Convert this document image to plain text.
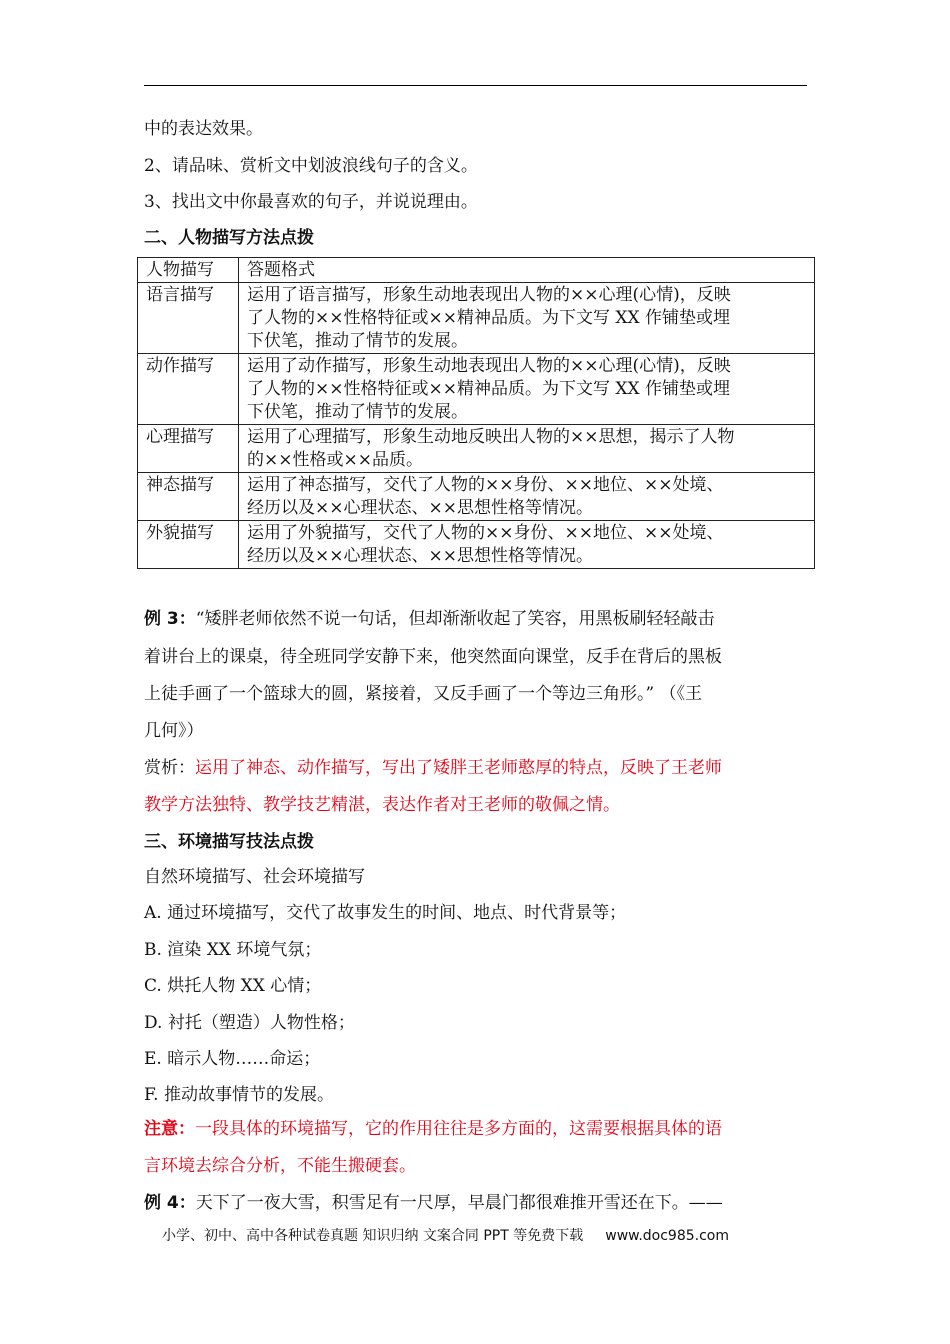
中的表达效果。
2、请品味、赏析文中划波浪线句子的含义。
3、找出文中你最喜欢的句子，并说说理由。
二、人物描写方法点拨
人物描写	答题格式
语言描写	运用了语言描写，形象生动地表现出人物的××心理(心情)，反映
了人物的××性格特征或××精神品质。为下文写 XX 作铺垫或埋
下伏笔，推动了情节的发展。

动作描写	运用了动作描写，形象生动地表现出人物的××心理(心情)，反映
了人物的××性格特征或××精神品质。为下文写 XX 作铺垫或埋
下伏笔，推动了情节的发展。

心理描写	运用了心理描写，形象生动地反映出人物的××思想，揭示了人物
的××性格或××品质。

神态描写	运用了神态描写，交代了人物的××身份、××地位、××处境、
经历以及××心理状态、××思想性格等情况。

外貌描写	运用了外貌描写，交代了人物的××身份、××地位、××处境、
经历以及××心理状态、××思想性格等情况。
例 3：“矮胖老师依然不说一句话，但却渐渐收起了笑容，用黑板刷轻轻敲击
着讲台上的课桌，待全班同学安静下来，他突然面向课堂，反手在背后的黑板
上徒手画了一个篮球大的圆，紧接着，又反手画了一个等边三角形。” （《王
几何》）
赏析：运用了神态、动作描写，写出了矮胖王老师憨厚的特点，反映了王老师
教学方法独特、教学技艺精湛，表达作者对王老师的敬佩之情。
三、环境描写技法点拨
自然环境描写、社会环境描写
A. 通过环境描写，交代了故事发生的时间、地点、时代背景等；
B. 渲染 XX 环境气氛；
C. 烘托人物 XX 心情；
D. 衬托（塑造）人物性格；
E. 暗示人物……命运；
F. 推动故事情节的发展。
注意：一段具体的环境描写，它的作用往往是多方面的，这需要根据具体的语
言环境去综合分析，不能生搬硬套。
例 4：天下了一夜大雪，积雪足有一尺厚，早晨门都很难推开雪还在下。——
小学、初中、高中各种试卷真题 知识归纳 文案合同 PPT 等免费下载 www.doc985.com
